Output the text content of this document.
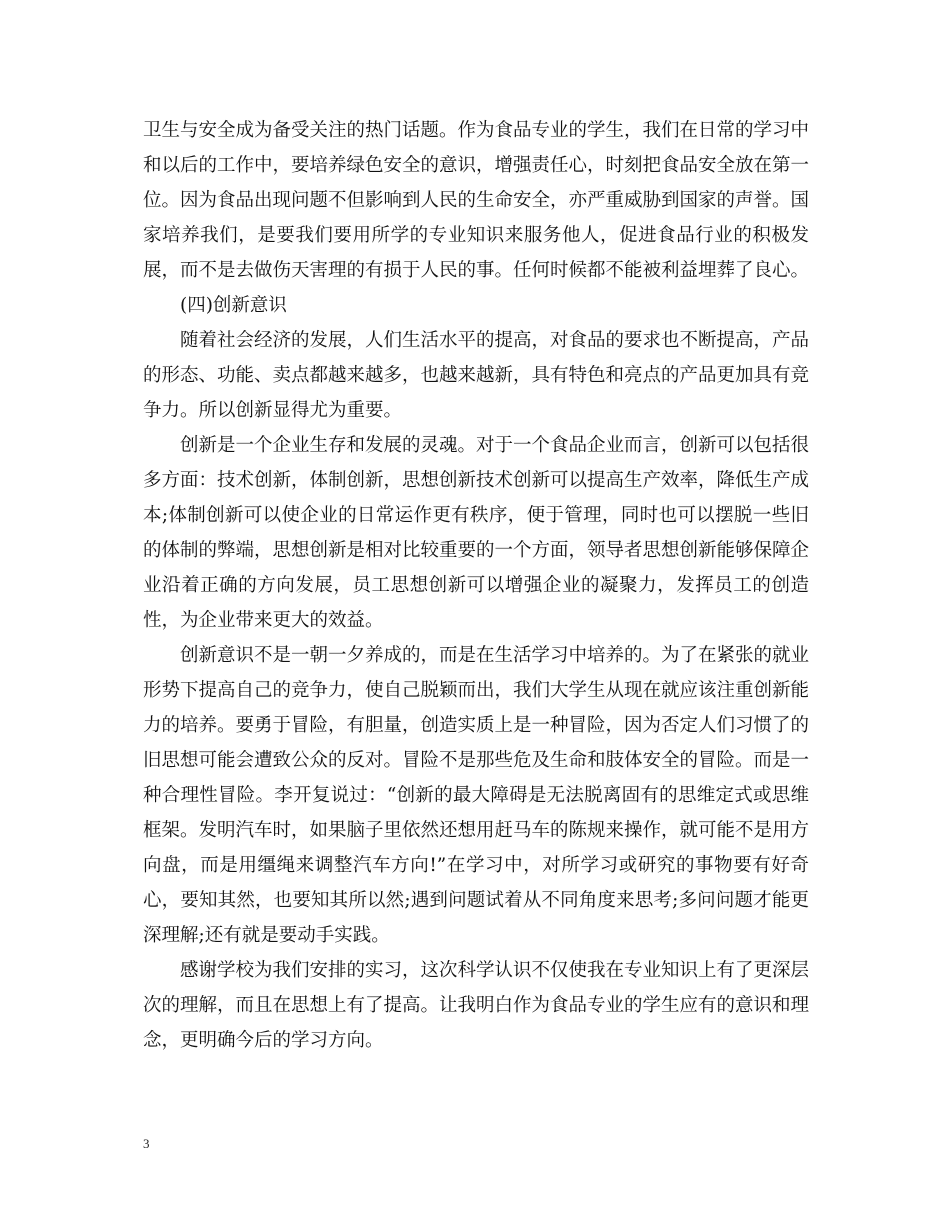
卫生与安全成为备受关注的热门话题。作为食品专业的学生，我们在日常的学习中和以后的工作中，要培养绿色安全的意识，增强责任心，时刻把食品安全放在第一位。因为食品出现问题不但影响到人民的生命安全，亦严重威胁到国家的声誉。国家培养我们，是要我们要用所学的专业知识来服务他人，促进食品行业的积极发展，而不是去做伤天害理的有损于人民的事。任何时候都不能被利益埋葬了良心。

(四)创新意识

随着社会经济的发展，人们生活水平的提高，对食品的要求也不断提高，产品的形态、功能、卖点都越来越多，也越来越新，具有特色和亮点的产品更加具有竞争力。所以创新显得尤为重要。

创新是一个企业生存和发展的灵魂。对于一个食品企业而言，创新可以包括很多方面：技术创新，体制创新，思想创新技术创新可以提高生产效率，降低生产成本;体制创新可以使企业的日常运作更有秩序，便于管理，同时也可以摆脱一些旧的体制的弊端，思想创新是相对比较重要的一个方面，领导者思想创新能够保障企业沿着正确的方向发展，员工思想创新可以增强企业的凝聚力，发挥员工的创造性，为企业带来更大的效益。

创新意识不是一朝一夕养成的，而是在生活学习中培养的。为了在紧张的就业形势下提高自己的竞争力，使自己脱颖而出，我们大学生从现在就应该注重创新能力的培养。要勇于冒险，有胆量，创造实质上是一种冒险，因为否定人们习惯了的旧思想可能会遭致公众的反对。冒险不是那些危及生命和肢体安全的冒险。而是一种合理性冒险。李开复说过：“创新的最大障碍是无法脱离固有的思维定式或思维框架。发明汽车时，如果脑子里依然还想用赶马车的陈规来操作，就可能不是用方向盘，而是用缰绳来调整汽车方向!”在学习中，对所学习或研究的事物要有好奇心，要知其然，也要知其所以然;遇到问题试着从不同角度来思考;多问问题才能更深理解;还有就是要动手实践。

感谢学校为我们安排的实习，这次科学认识不仅使我在专业知识上有了更深层次的理解，而且在思想上有了提高。让我明白作为食品专业的学生应有的意识和理念，更明确今后的学习方向。

3
